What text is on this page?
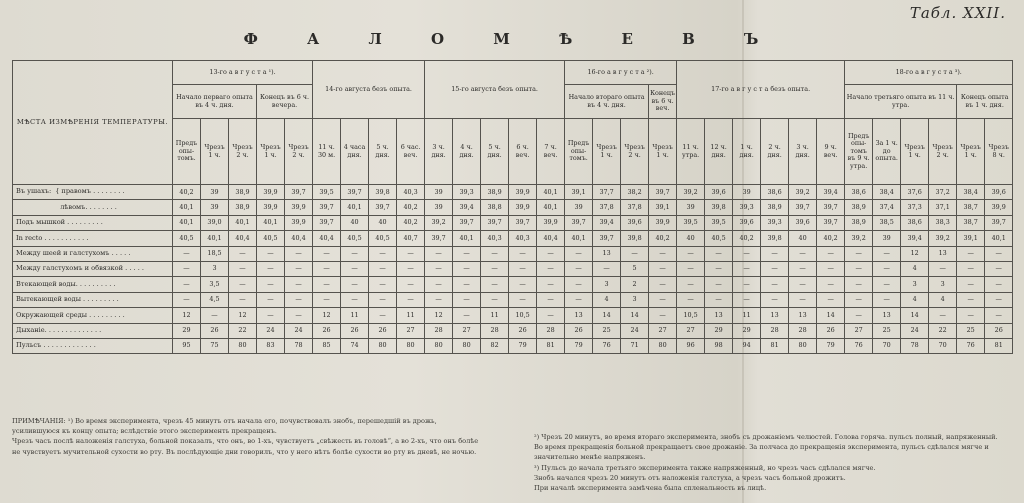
Табл. XXII.
Ф А Л О М Ѣ Е В Ъ
МѢСТА ИЗМѢРЕНІЯ ТЕМПЕРАТУРЫ.	13-го а в г у с т а ¹).					14-го августа безъ опыта.				15-го августа безъ опыта.					16-го а в г у с т а ²).				17-го а в г у с т а безъ опыта.						18-го а в г у с т а ³).					
	Начало перваго опыта въ 4 ч. дня.			Конецъ въ 6 ч. вечера.											Начало втораго опыта въ 4 ч. дня.			Конецъ въ 6 ч. веч.							Начало третьяго опыта въ 11 ч. утра.				Конецъ опыта въ 1 ч. дня.	
	Предъ опы- томъ.	Чрезъ 1 ч.	Чрезъ 2 ч.	Чрезъ 1 ч.	Чрезъ 2 ч.	11 ч. 30 м.	4 часа дня.	5 ч. дня.	6 час. веч.	3 ч. дня.	4 ч. дня.	5 ч. дня.	6 ч. веч.	7 ч. веч.	Предъ опы- томъ.	Чрезъ 1 ч.	Чрезъ 2 ч.	Чрезъ 1 ч.	11 ч. утра.	12 ч. дня.	1 ч. дня.	2 ч. дня.	3 ч. дня.	9 ч. веч.	Предъ опы- томъ въ 9 ч. утра.	За 1 ч. до опыта.	Чрезъ 1 ч.	Чрезъ 2 ч.	Чрезъ 1 ч.	Чрезъ 8 ч.
Въ ушахъ: { правомъ . . . . . . . .	40,2	39	38,9	39,9	39,7	39,5	39,7	39,8	40,3	39	39,3	38,9	39,9	40,1	39,1	37,7	38,2	39,7	39,2	39,6	39	38,6	39,2	39,4	38,6	38,4	37,6	37,2	38,4	39,6
лѣвомъ. . . . . . . .	40,1	39	38,9	39,9	39,9	39,7	40,1	39,7	40,2	39	39,4	38,8	39,9	40,1	39	37,8	37,8	39,1	39	39,8	39,3	38,9	39,7	39,7	38,9	37,4	37,3	37,1	38,7	39,9
Подъ мышкой . . . . . . . . .	40,1	39,0	40,1	40,1	39,9	39,7	40	40	40,2	39,2	39,7	39,7	39,7	39,9	39,7	39,4	39,6	39,9	39,5	39,5	39,6	39,3	39,6	39,7	38,9	38,5	38,6	38,3	38,7	39,7
In recto . . . . . . . . . . .	40,5	40,1	40,4	40,5	40,4	40,4	40,5	40,5	40,7	39,7	40,1	40,3	40,3	40,4	40,1	39,7	39,8	40,2	40	40,5	40,2	39,8	40	40,2	39,2	39	39,4	39,2	39,1	40,1
Между шеей и галстухомъ . . . . .	—	18,5	—	—	—	—	—	—	—	—	—	—	—	—	—	13	—	—	—	—	—	—	—	—	—	—	12	13	—	—
Между галстухомъ и обвязкой . . . . .	—	3	—	—	—	—	—	—	—	—	—	—	—	—	—	—	5	—	—	—	—	—	—	—	—	—	4	—	—	—
Втекающей воды. . . . . . . . . .	—	3,5	—	—	—	—	—	—	—	—	—	—	—	—	—	3	2	—	—	—	—	—	—	—	—	—	3	3	—	—
Вытекающей воды . . . . . . . . .	—	4,5	—	—	—	—	—	—	—	—	—	—	—	—	—	4	3	—	—	—	—	—	—	—	—	—	4	4	—	—
Окружающей среды . . . . . . . . .	12	—	12	—	—	12	11	—	11	12	—	11	10,5	—	13	14	14	—	10,5	13	11	13	13	14	—	13	14	—	—	—
Дыханіе. . . . . . . . . . . . . .	29	26	22	24	24	26	26	26	27	28	27	28	26	28	26	25	24	27	27	29	29	28	28	26	27	25	24	22	25	26
Пульсъ . . . . . . . . . . . . .	95	75	80	83	78	85	74	80	80	80	80	82	79	81	79	76	71	80	96	98	94	81	80	79	76	70	78	70	76	81

ПРИМѢЧАНІЯ: ¹) Во время эксперимента, чрезъ 45 минутъ отъ начала его, почувствовалъ знобъ, перешедшій въ дрожь, усилившуюся къ концу опыта; вслѣдствіе этого эксперименть прекращенъ.

Чрезъ часъ послѣ наложенія галстуха, больной показалъ, что онъ, во 1-хъ, чувствуетъ „свѣжесть въ головѣ“, а во 2-хъ, что онъ болѣе не чувствуетъ мучительной сухости во рту. Въ послѣдующіе дни говорилъ, что у него нѣтъ болѣе сухости во рту въ дневѣ, не ночью.

²) Чрезъ 20 минутъ, во время втораго эксперимента, знобъ съ дрожаніемъ челюстей. Голова горяча. пульсъ полный, напряженный. Во время прекращенія больной прекращаетъ свое дрожаніе. За полчаса до прекращенія эксперимента, пульсъ сдѣлался мягче и значительно менѣе напряженъ.

³) Пульсъ до начала третьяго эксперимента также напряженный, но чрезъ часъ сдѣлался мягче.

Знобъ начался чрезъ 20 минутъ отъ наложенія галстуха, а чрезъ часъ больной дрожитъ.

При началѣ эксперимента замѣчена была спленальность въ лицѣ.
